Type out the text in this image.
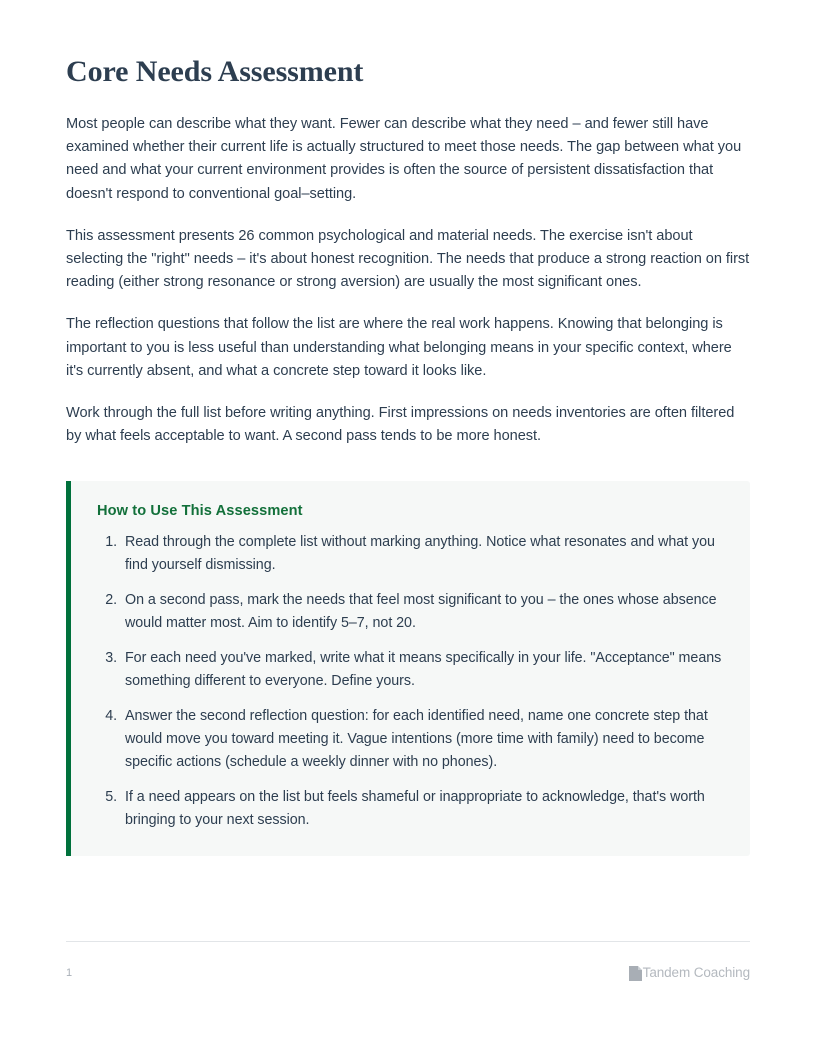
Core Needs Assessment

Most people can describe what they want. Fewer can describe what they need – and fewer still have examined whether their current life is actually structured to meet those needs. The gap between what you need and what your current environment provides is often the source of persistent dissatisfaction that doesn't respond to conventional goal–setting.

This assessment presents 26 common psychological and material needs. The exercise isn't about selecting the "right" needs – it's about honest recognition. The needs that produce a strong reaction on first reading (either strong resonance or strong aversion) are usually the most significant ones.

The reflection questions that follow the list are where the real work happens. Knowing that belonging is important to you is less useful than understanding what belonging means in your specific context, where it's currently absent, and what a concrete step toward it looks like.

Work through the full list before writing anything. First impressions on needs inventories are often filtered by what feels acceptable to want. A second pass tends to be more honest.

How to Use This Assessment
1. Read through the complete list without marking anything. Notice what resonates and what you find yourself dismissing.
2. On a second pass, mark the needs that feel most significant to you – the ones whose absence would matter most. Aim to identify 5–7, not 20.
3. For each need you've marked, write what it means specifically in your life. "Acceptance" means something different to everyone. Define yours.
4. Answer the second reflection question: for each identified need, name one concrete step that would move you toward meeting it. Vague intentions (more time with family) need to become specific actions (schedule a weekly dinner with no phones).
5. If a need appears on the list but feels shameful or inappropriate to acknowledge, that's worth bringing to your next session.
1	Tandem Coaching
